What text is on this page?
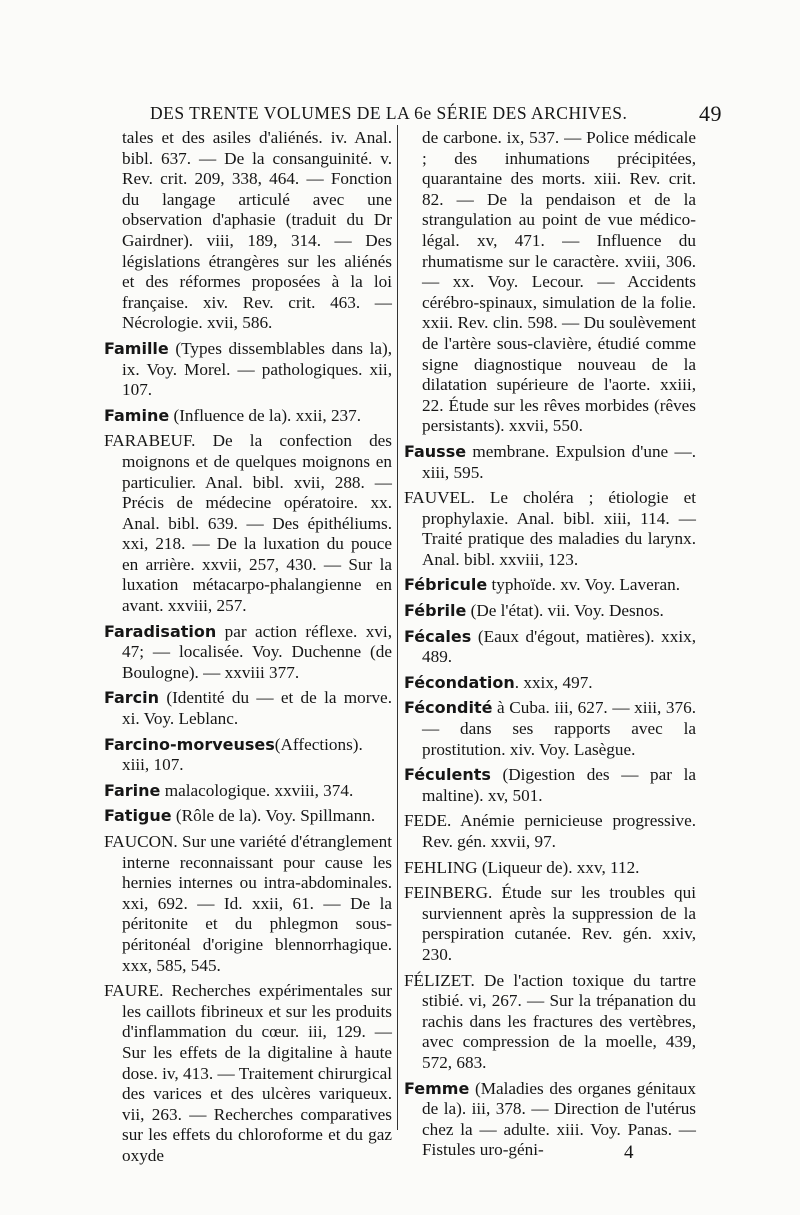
DES TRENTE VOLUMES DE LA 6e SÉRIE DES ARCHIVES.	49

tales et des asiles d'aliénés. iv. Anal. bibl. 637. — De la consanguinité. v. Rev. crit. 209, 338, 464. — Fonction du langage articulé avec une observation d'aphasie (traduit du Dr Gairdner). viii, 189, 314. — Des législations étrangères sur les aliénés et des réformes proposées à la loi française. xiv. Rev. crit. 463. — Nécrologie. xvii, 586.

Famille (Types dissemblables dans la), ix. Voy. Morel. — pathologiques. xii, 107.

Famine (Influence de la). xxii, 237.

FARABEUF. De la confection des moignons et de quelques moignons en particulier. Anal. bibl. xvii, 288. — Précis de médecine opératoire. xx. Anal. bibl. 639. — Des épithéliums. xxi, 218. — De la luxation du pouce en arrière. xxvii, 257, 430. — Sur la luxation métacarpo-phalangienne en avant. xxviii, 257.

Faradisation par action réflexe. xvi, 47; — localisée. Voy. Duchenne (de Boulogne). — xxviii 377.

Farcin (Identité du — et de la morve. xi. Voy. Leblanc.

Farcino-morveuses(Affections). xiii, 107.

Farine malacologique. xxviii, 374.

Fatigue (Rôle de la). Voy. Spillmann.

FAUCON. Sur une variété d'étranglement interne reconnaissant pour cause les hernies internes ou intra-abdominales. xxi, 692. — Id. xxii, 61. — De la péritonite et du phlegmon sous-péritonéal d'origine blennorrhagique. xxx, 585, 545.

FAURE. Recherches expérimentales sur les caillots fibrineux et sur les produits d'inflammation du cœur. iii, 129. — Sur les effets de la digitaline à haute dose. iv, 413. — Traitement chirurgical des varices et des ulcères variqueux. vii, 263. — Recherches comparatives sur les effets du chloroforme et du gaz oxyde

de carbone. ix, 537. — Police médicale ; des inhumations précipitées, quarantaine des morts. xiii. Rev. crit. 82. — De la pendaison et de la strangulation au point de vue médico-légal. xv, 471. — Influence du rhumatisme sur le caractère. xviii, 306. — xx. Voy. Lecour. — Accidents cérébro-spinaux, simulation de la folie. xxii. Rev. clin. 598. — Du soulèvement de l'artère sous-clavière, étudié comme signe diagnostique nouveau de la dilatation supérieure de l'aorte. xxiii, 22. Étude sur les rêves morbides (rêves persistants). xxvii, 550.

Fausse membrane. Expulsion d'une —. xiii, 595.

FAUVEL. Le choléra ; étiologie et prophylaxie. Anal. bibl. xiii, 114. — Traité pratique des maladies du larynx. Anal. bibl. xxviii, 123.

Fébricule typhoïde. xv. Voy. Laveran.

Fébrile (De l'état). vii. Voy. Desnos.

Fécales (Eaux d'égout, matières). xxix, 489.

Fécondation. xxix, 497.

Fécondité à Cuba. iii, 627. — xiii, 376. — dans ses rapports avec la prostitution. xiv. Voy. Lasègue.

Féculents (Digestion des — par la maltine). xv, 501.

FEDE. Anémie pernicieuse progressive. Rev. gén. xxvii, 97.

FEHLING (Liqueur de). xxv, 112.

FEINBERG. Étude sur les troubles qui surviennent après la suppression de la perspiration cutanée. Rev. gén. xxiv, 230.

FÉLIZET. De l'action toxique du tartre stibié. vi, 267. — Sur la trépanation du rachis dans les fractures des vertèbres, avec compression de la moelle, 439, 572, 683.

Femme (Maladies des organes génitaux de la). iii, 378. — Direction de l'utérus chez la — adulte. xiii. Voy. Panas. — Fistules uro-géni-	4
